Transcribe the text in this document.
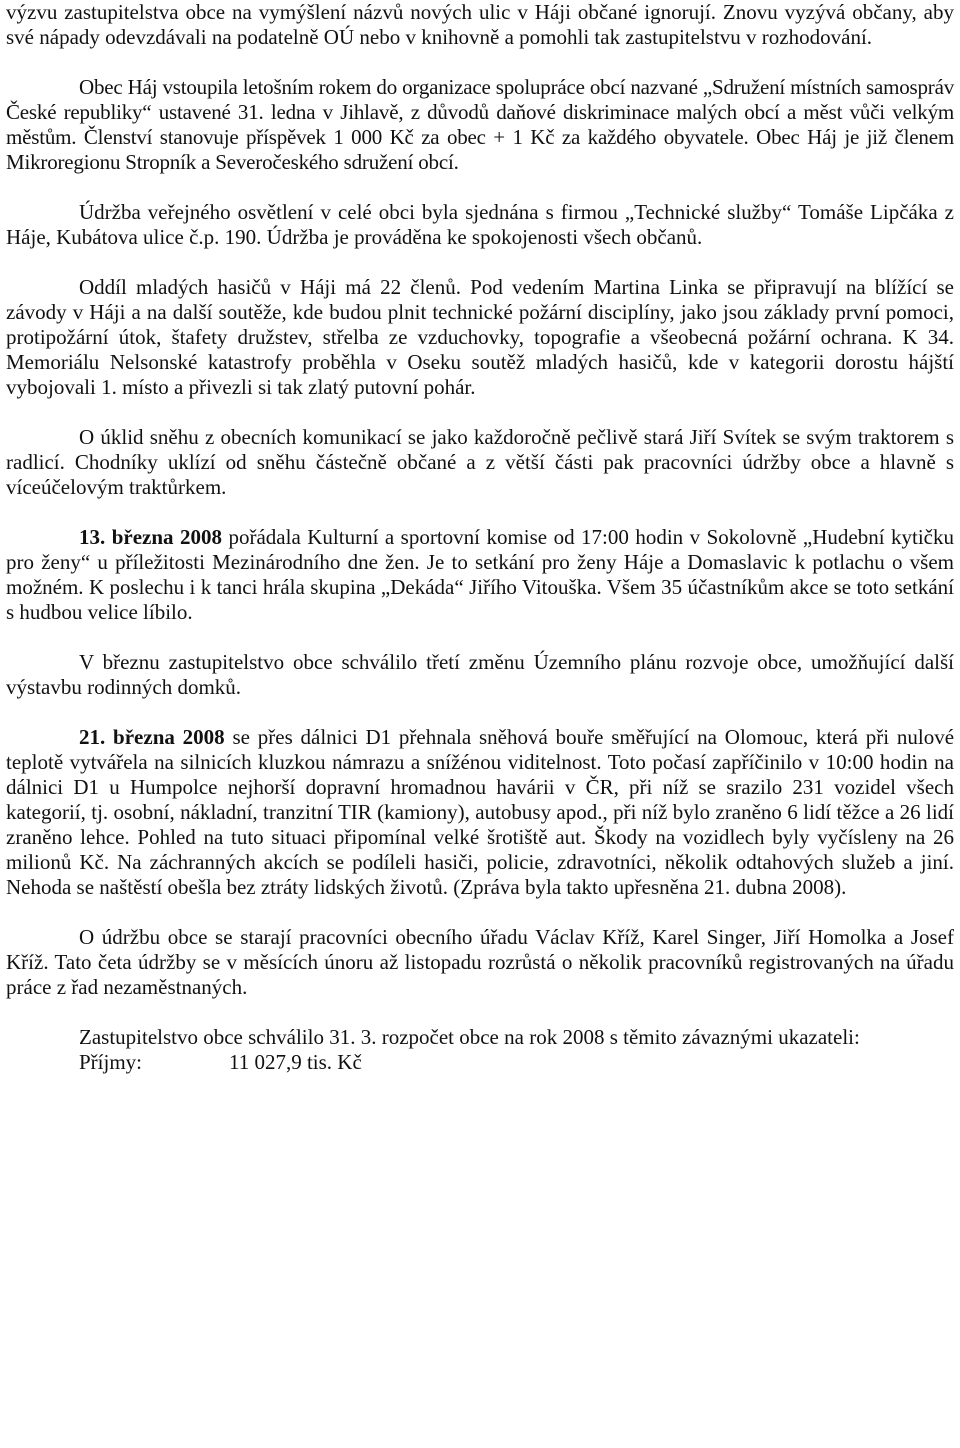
výzvu zastupitelstva obce na vymýšlení názvů nových ulic v Háji občané ignorují. Znovu vyzývá občany, aby své nápady odevzdávali na podatelně OÚ nebo v knihovně a pomohli tak zastupitelstvu v rozhodování.

Obec Háj vstoupila letošním rokem do organizace spolupráce obcí nazvané „Sdružení místních samospráv České republiky“ ustavené 31. ledna v Jihlavě, z důvodů daňové diskriminace malých obcí a měst vůči velkým městům. Členství stanovuje příspěvek 1 000 Kč za obec + 1 Kč za každého obyvatele. Obec Háj je již členem Mikroregionu Stropník a Severočeského sdružení obcí.

Údržba veřejného osvětlení v celé obci byla sjednána s firmou „Technické služby“ Tomáše Lipčáka z Háje, Kubátova ulice č.p. 190. Údržba je prováděna ke spokojenosti všech občanů.

Oddíl mladých hasičů v Háji má 22 členů. Pod vedením Martina Linka se připravují na blížící se závody v Háji a na další soutěže, kde budou plnit technické požární disciplíny, jako jsou základy první pomoci, protipožární útok, štafety družstev, střelba ze vzduchovky, topografie a všeobecná požární ochrana. K 34. Memoriálu Nelsonské katastrofy proběhla v Oseku soutěž mladých hasičů, kde v kategorii dorostu hájští vybojovali 1. místo a přivezli si tak zlatý putovní pohár.

O úklid sněhu z obecních komunikací se jako každoročně pečlivě stará Jiří Svítek se svým traktorem s radlicí. Chodníky uklízí od sněhu částečně občané a z větší části pak pracovníci údržby obce a hlavně s víceúčelovým traktůrkem.

13. března 2008 pořádala Kulturní a sportovní komise od 17:00 hodin v Sokolovně „Hudební kytičku pro ženy“ u příležitosti Mezinárodního dne žen. Je to setkání pro ženy Háje a Domaslavic k potlachu o všem možném. K poslechu i k tanci hrála skupina „Dekáda“ Jiřího Vitouška. Všem 35 účastníkům akce se toto setkání s hudbou velice líbilo.

V březnu zastupitelstvo obce schválilo třetí změnu Územního plánu rozvoje obce, umožňující další výstavbu rodinných domků.

21. března 2008 se přes dálnici D1 přehnala sněhová bouře směřující na Olomouc, která při nulové teplotě vytvářela na silnicích kluzkou námrazu a snížénou viditelnost. Toto počasí zapříčinilo v 10:00 hodin na dálnici D1 u Humpolce nejhorší dopravní hromadnou havárii v ČR, při níž se srazilo 231 vozidel všech kategorií, tj. osobní, nákladní, tranzitní TIR (kamiony), autobusy apod., při níž bylo zraněno 6 lidí těžce a 26 lidí zraněno lehce. Pohled na tuto situaci připomínal velké šrotiště aut. Škody na vozidlech byly vyčísleny na 26 milionů Kč. Na záchranných akcích se podíleli hasiči, policie, zdravotníci, několik odtahových služeb a jiní. Nehoda se naštěstí obešla bez ztráty lidských životů. (Zpráva byla takto upřesněna 21. dubna 2008).

O údržbu obce se starají pracovníci obecního úřadu Václav Kříž, Karel Singer, Jiří Homolka a Josef Kříž. Tato četa údržby se v měsících únoru až listopadu rozrůstá o několik pracovníků registrovaných na úřadu práce z řad nezaměstnaných.

Zastupitelstvo obce schválilo 31. 3. rozpočet obce na rok 2008 s těmito závaznými ukazateli:

Příjmy:	11 027,9 tis. Kč
